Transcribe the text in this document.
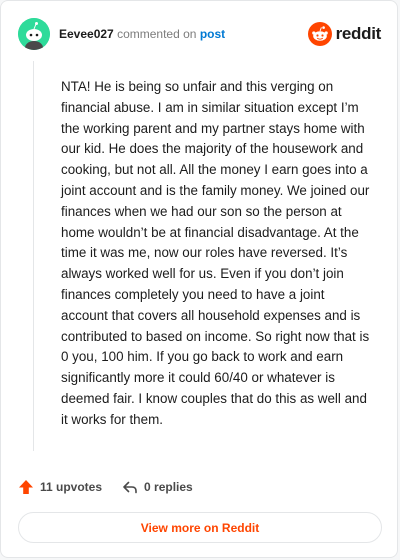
Eevee027 commented on post	reddit

NTA! He is being so unfair and this verging on financial abuse. I am in similar situation except I’m the working parent and my partner stays home with our kid. He does the majority of the housework and cooking, but not all. All the money I earn goes into a joint account and is the family money. We joined our finances when we had our son so the person at home wouldn’t be at financial disadvantage. At the time it was me, now our roles have reversed. It’s always worked well for us. Even if you don’t join finances completely you need to have a joint account that covers all household expenses and is contributed to based on income. So right now that is 0 you, 100 him. If you go back to work and earn significantly more it could 60/40 or whatever is deemed fair. I know couples that do this as well and it works for them.

11 upvotes	0 replies
View more on Reddit
